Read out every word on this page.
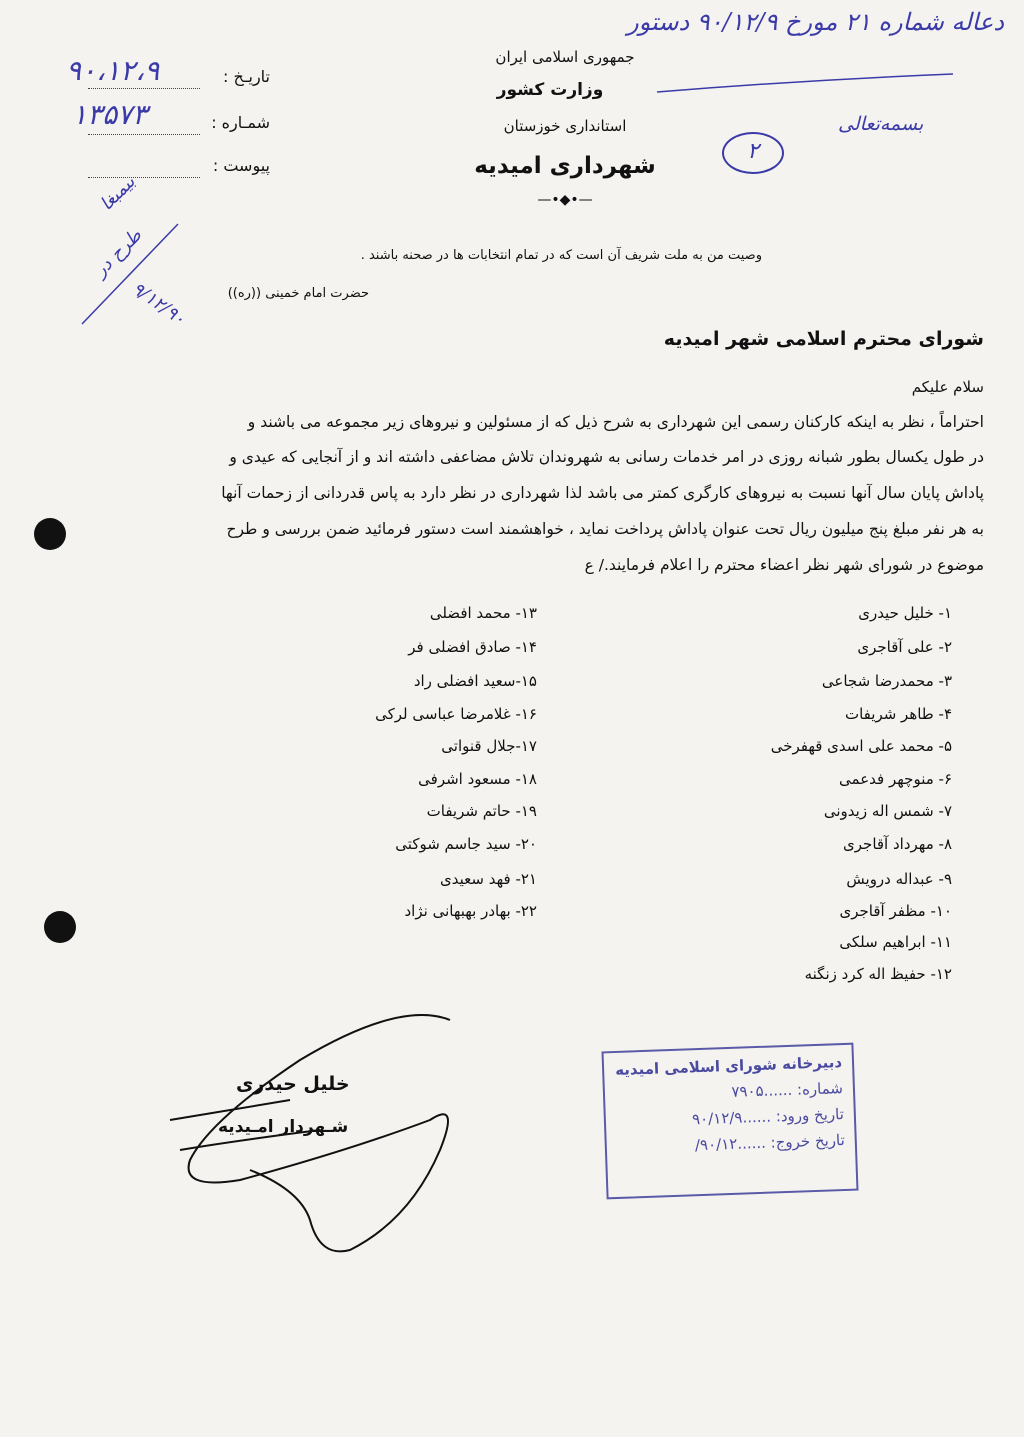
دعاله شماره ۲۱ مورخ ۹۰/۱۲/۹ دستور
جمهوری اسلامی ایران
وزارت کشور
استانداری خوزستان
شهرداری امیدیه
—•◆•—
تاریـخ :
۹۰،۱۲،۹
شمـاره :
۱۳۵۷۳
پیوست :
بسمه‌تعالی
۲
بیمبغا
طرح در
۹/۱۲/۹۰
وصیت من به ملت شریف آن است که در تمام انتخابات ها در صحنه باشند .
حضرت امام خمینی ((ره))
شورای محترم اسلامی شهر امیدیه
سلام علیکم
احتراماً ، نظر به اینکه کارکنان رسمی این شهرداری به شرح ذیل که از مسئولین و نیروهای زیر مجموعه می باشند و
در طول یکسال بطور شبانه روزی در امر خدمات رسانی به شهروندان تلاش مضاعفی داشته اند و از آنجایی که عیدی و
پاداش پایان سال آنها نسبت به نیروهای کارگری کمتر می باشد لذا شهرداری در نظر دارد به پاس قدردانی از زحمات آنها
به هر نفر مبلغ پنج میلیون ریال تحت عنوان پاداش پرداخت نماید ، خواهشمند است دستور فرمائید ضمن بررسی و طرح
موضوع در شورای شهر نظر اعضاء محترم را اعلام فرمایند./ ع
۱- خلیل حیدری
۲- علی آقاجری
۳- محمدرضا شجاعی
۴- طاهر شریفات
۵- محمد علی اسدی قهفرخی
۶- منوچهر فدعمی
۷- شمس اله زیدونی
۸- مهرداد آقاجری
۹- عبداله درویش
۱۰- مظفر آقاجری
۱۱- ابراهیم سلکی
۱۲- حفیظ اله کرد زنگنه
۱۳- محمد افضلی
۱۴- صادق افضلی فر
۱۵-سعید افضلی راد
۱۶- غلامرضا عباسی لرکی
۱۷-جلال قنواتی
۱۸- مسعود اشرفی
۱۹- حاتم شریفات
۲۰- سید جاسم شوکتی
۲۱- فهد سعیدی
۲۲- بهادر بهبهانی نژاد
خلیل حیدری
شـهردار امـیدیه
دبیرخانه شورای اسلامی امیدیه
شماره: ......۷۹۰۵
تاریخ ورود: ......۹۰/۱۲/۹
تاریخ خروج: ......۹۰/۱۲/
